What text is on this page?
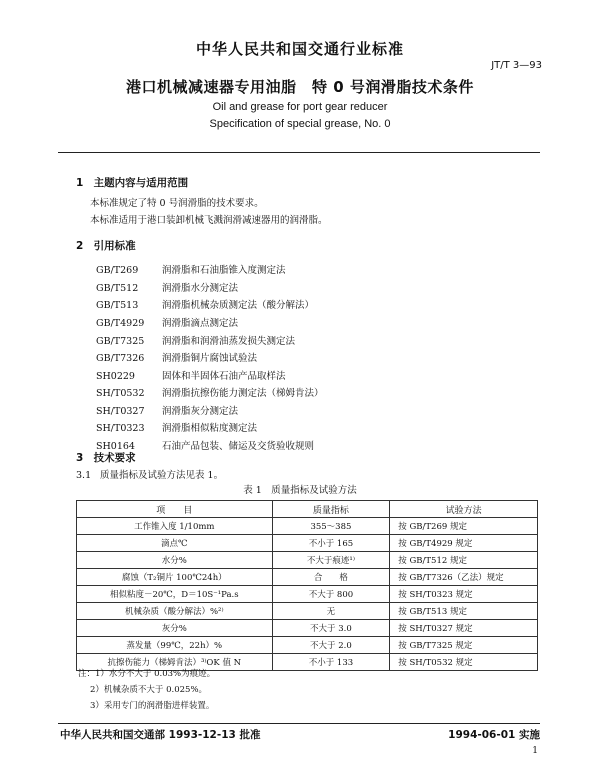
中华人民共和国交通行业标准
JT/T 3—93
港口机械减速器专用油脂　特 0 号润滑脂技术条件
Oil and grease for port gear reducer
Specification of special grease, No. 0
1 主题内容与适用范围
本标准规定了特 0 号润滑脂的技术要求。
本标准适用于港口装卸机械飞溅润滑减速器用的润滑脂。
2 引用标准
GB/T269	润滑脂和石油脂锥入度测定法
GB/T512	润滑脂水分测定法
GB/T513	润滑脂机械杂质测定法（酸分解法）
GB/T4929 润滑脂滴点测定法
GB/T7325 润滑脂和润滑油蒸发损失测定法
GB/T7326 润滑脂铜片腐蚀试验法
SH0229	固体和半固体石油产品取样法
SH/T0532 润滑脂抗擦伤能力测定法（梯姆肯法）
SH/T0327 润滑脂灰分测定法
SH/T0323 润滑脂相似粘度测定法
SH0164	石油产品包装、储运及交货验收规则
3 技术要求
3.1 质量指标及试验方法见表 1。
表 1　质量指标及试验方法
项　　目	质量指标	试验方法
工作锥入度 1/10mm	355～385	按 GB/T269 规定
滴点℃	不小于 165	按 GB/T4929 规定
水分%	不大于痕迹¹⁾	按 GB/T512 规定
腐蚀（T₂铜片 100℃24h）	合　　格	按 GB/T7326（乙法）规定
相似粘度－20℃，D＝10S⁻¹Pa.s	不大于 800	按 SH/T0323 规定
机械杂质（酸分解法）%²⁾	无	按 GB/T513 规定
灰分%	不大于 3.0	按 SH/T0327 规定
蒸发量（99℃，22h）%	不大于 2.0	按 GB/T7325 规定
抗擦伤能力（梯姆肯法）³⁾OK 值 N	不小于 133	按 SH/T0532 规定
注：1）水分不大于 0.03%为痕迹。
2）机械杂质不大于 0.025%。
3）采用专门的润滑脂进样装置。
中华人民共和国交通部 1993-12-13 批准	1994-06-01 实施
1
